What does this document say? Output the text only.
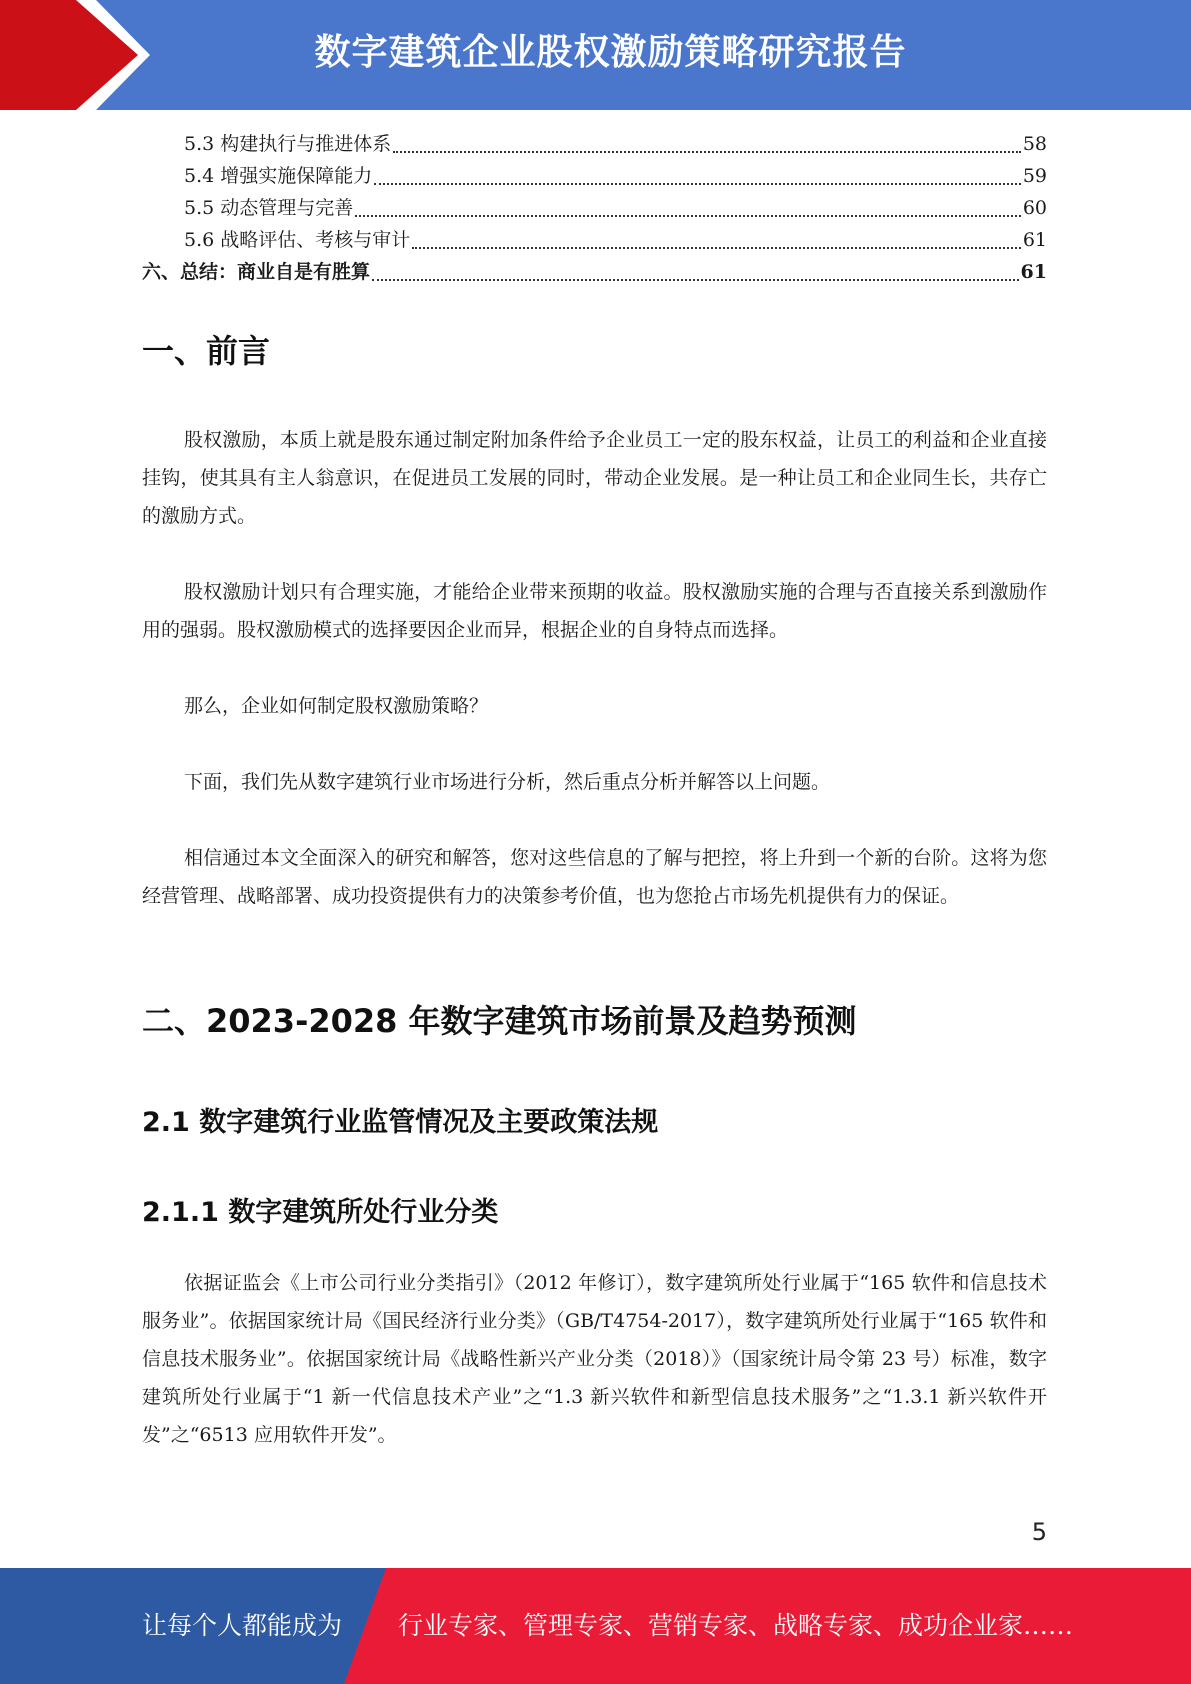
数字建筑企业股权激励策略研究报告
5.3 构建执行与推进体系	58
5.4 增强实施保障能力	59
5.5 动态管理与完善	60
5.6 战略评估、考核与审计	61
六、总结：商业自是有胜算	61
一、前言
股权激励，本质上就是股东通过制定附加条件给予企业员工一定的股东权益，让员工的利益和企业直接挂钩，使其具有主人翁意识，在促进员工发展的同时，带动企业发展。是一种让员工和企业同生长，共存亡的激励方式。
股权激励计划只有合理实施，才能给企业带来预期的收益。股权激励实施的合理与否直接关系到激励作用的强弱。股权激励模式的选择要因企业而异，根据企业的自身特点而选择。
那么，企业如何制定股权激励策略？
下面，我们先从数字建筑行业市场进行分析，然后重点分析并解答以上问题。
相信通过本文全面深入的研究和解答，您对这些信息的了解与把控，将上升到一个新的台阶。这将为您经营管理、战略部署、成功投资提供有力的决策参考价值，也为您抢占市场先机提供有力的保证。
二、2023-2028 年数字建筑市场前景及趋势预测
2.1 数字建筑行业监管情况及主要政策法规
2.1.1 数字建筑所处行业分类
依据证监会《上市公司行业分类指引》（2012 年修订），数字建筑所处行业属于“165 软件和信息技术服务业”。依据国家统计局《国民经济行业分类》（GB/T4754-2017），数字建筑所处行业属于“165 软件和信息技术服务业”。依据国家统计局《战略性新兴产业分类（2018）》（国家统计局令第 23 号）标准，数字建筑所处行业属于“1 新一代信息技术产业”之“1.3 新兴软件和新型信息技术服务”之“1.3.1 新兴软件开发”之“6513 应用软件开发”。
5
让每个人都能成为 行业专家、管理专家、营销专家、战略专家、成功企业家……
